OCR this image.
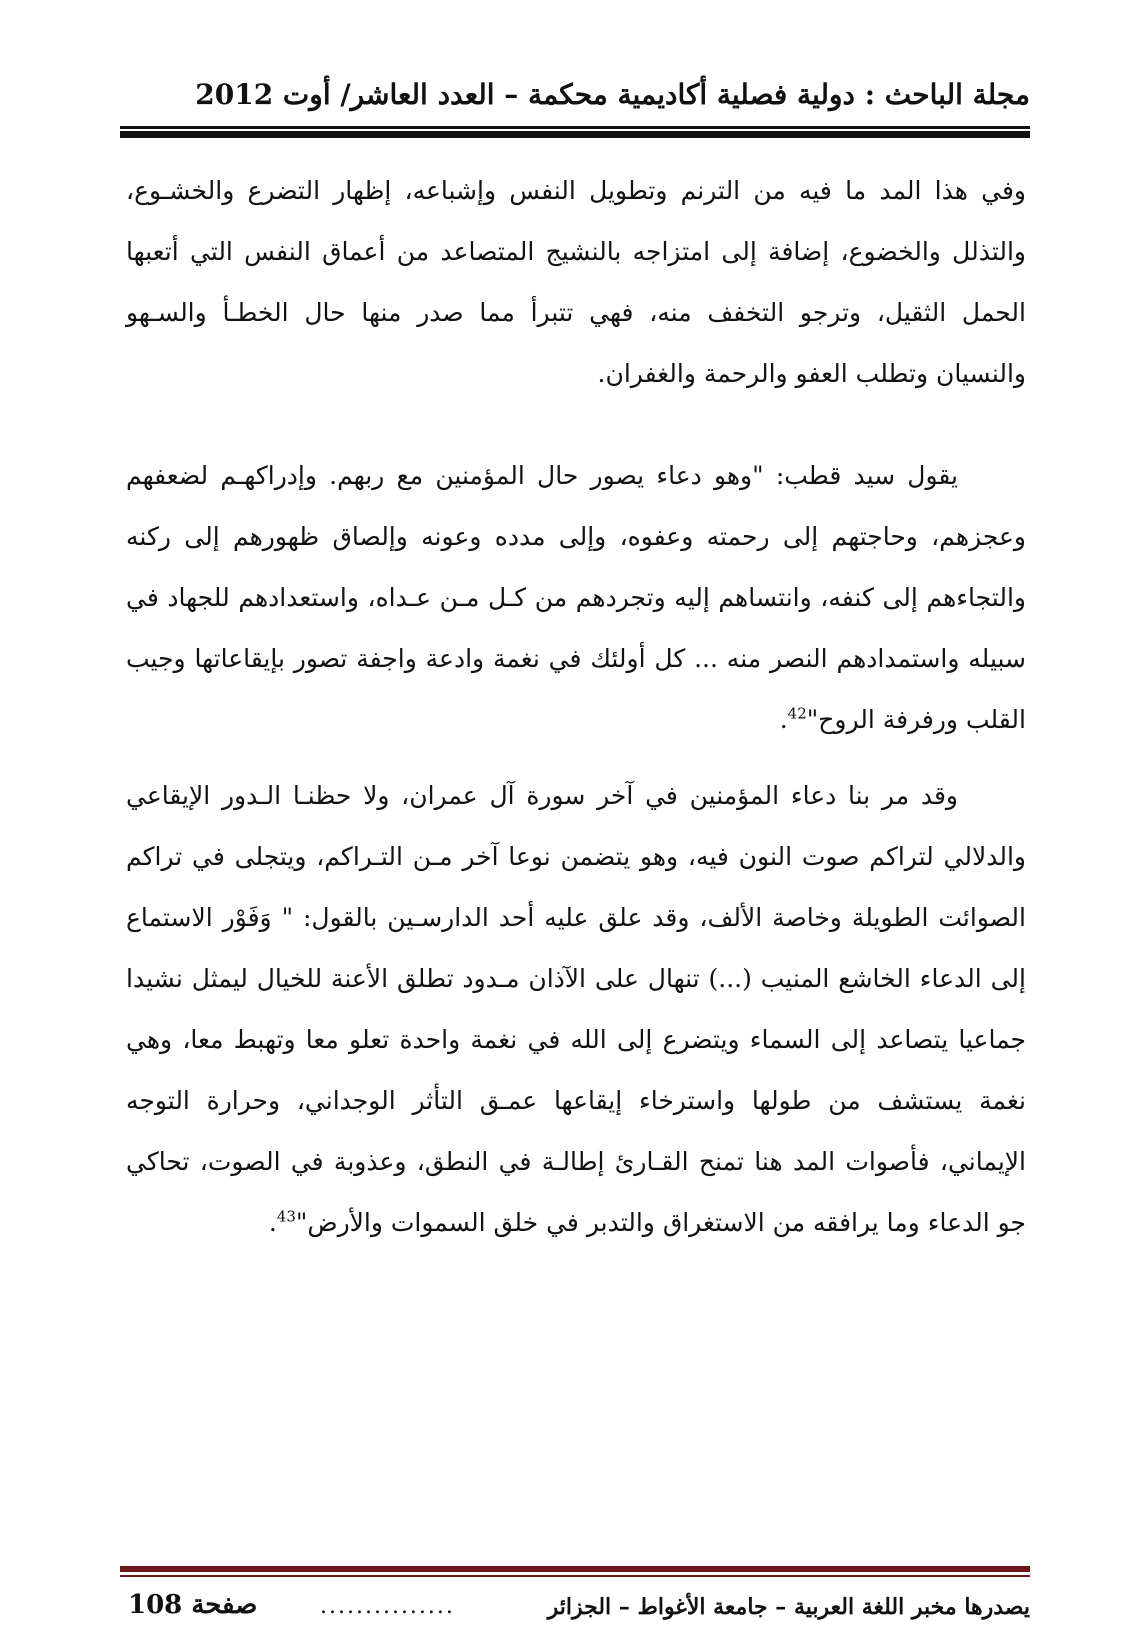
مجلة الباحث : دولية فصلية أكاديمية محكمة – العدد العاشر/ أوت 2012

وفي هذا المد ما فيه من الترنم وتطويل النفس وإشباعه، إظهار التضرع والخشـوع، والتذلل والخضوع، إضافة إلى امتزاجه بالنشيج المتصاعد من أعماق النفس التي أتعبها الحمل الثقيل، وترجو التخفف منه، فهي تتبرأ مما صدر منها حال الخطـأ والسـهو والنسيان وتطلب العفو والرحمة والغفران.

يقول سيد قطب: "وهو دعاء يصور حال المؤمنين مع ربهم. وإدراكهـم لضعفهم وعجزهم، وحاجتهم إلى رحمته وعفوه، وإلى مدده وعونه وإلصاق ظهورهم إلى ركنه والتجاءهم إلى كنفه، وانتساهم إليه وتجردهم من كـل مـن عـداه، واستعدادهم للجهاد في سبيله واستمدادهم النصر منه ... كل أولئك في نغمة وادعة واجفة تصور بإيقاعاتها وجيب القلب ورفرفة الروح"$^{42}$.

وقد مر بنا دعاء المؤمنين في آخر سورة آل عمران، ولا حظنـا الـدور الإيقاعي والدلالي لتراكم صوت النون فيه، وهو يتضمن نوعا آخر مـن التـراكم، ويتجلى في تراكم الصوائت الطويلة وخاصة الألف، وقد علق عليه أحد الدارسـين بالقول: " وَفَوْر الاستماع إلى الدعاء الخاشع المنيب (...) تنهال على الآذان مـدود تطلق الأعنة للخيال ليمثل نشيدا جماعيا يتصاعد إلى السماء ويتضرع إلى الله في نغمة واحدة تعلو معا وتهبط معا، وهي نغمة يستشف من طولها واسترخاء إيقاعها عمـق التأثر الوجداني، وحرارة التوجه الإيماني، فأصوات المد هنا تمنح القـارئ إطالـة في النطق، وعذوبة في الصوت، تحاكي جو الدعاء وما يرافقه من الاستغراق والتدبر في خلق السموات والأرض"$^{43}$.

يصدرها مخبر اللغة العربية – جامعة الأغواط – الجزائر
...............
صفحة 108
